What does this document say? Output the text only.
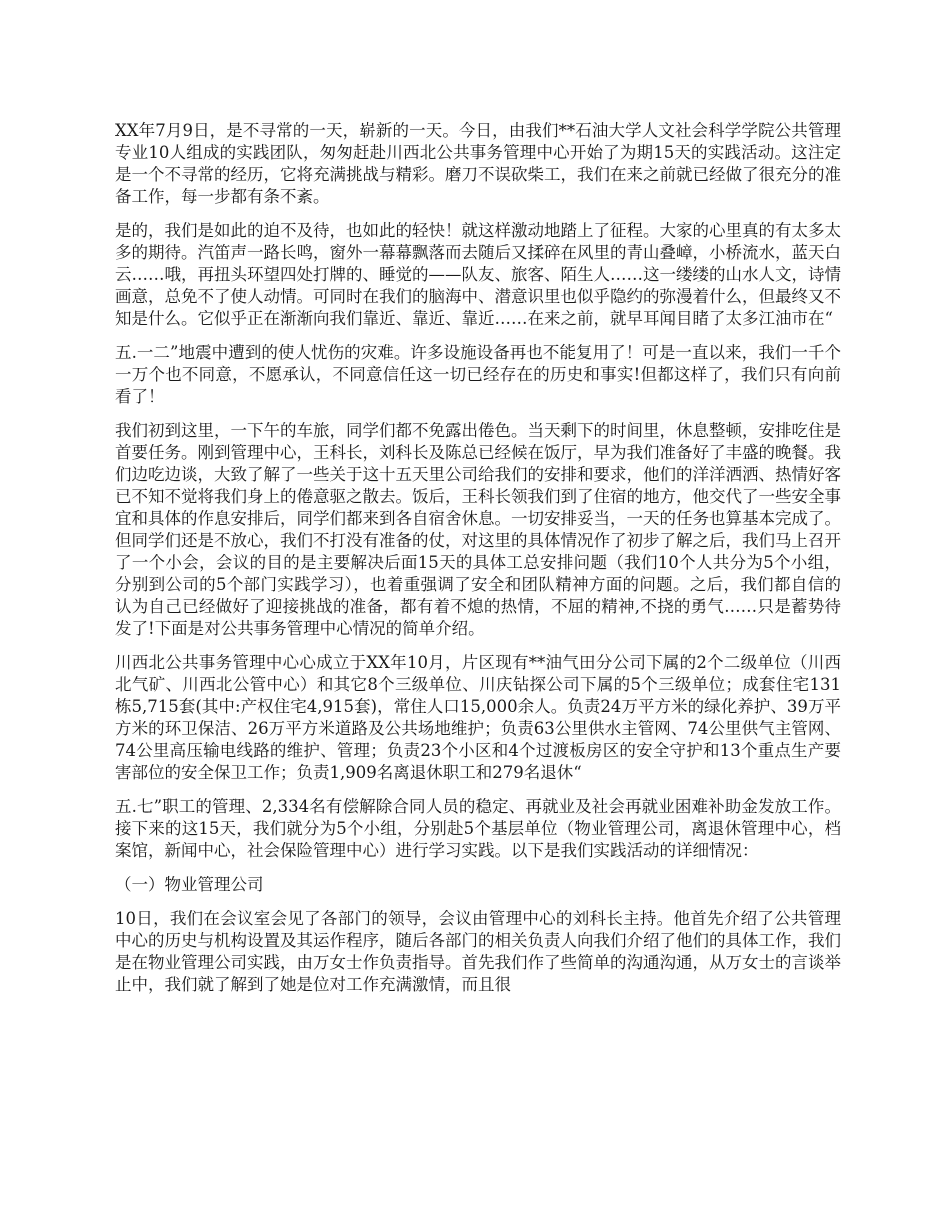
XX年7月9日，是不寻常的一天，崭新的一天。今日，由我们**石油大学人文社会科学学院公共管理专业10人组成的实践团队，匆匆赶赴川西北公共事务管理中心开始了为期15天的实践活动。这注定是一个不寻常的经历，它将充满挑战与精彩。磨刀不误砍柴工，我们在来之前就已经做了很充分的准备工作，每一步都有条不紊。

是的，我们是如此的迫不及待，也如此的轻快！就这样激动地踏上了征程。大家的心里真的有太多太多的期待。汽笛声一路长鸣，窗外一幕幕飘落而去随后又揉碎在风里的青山叠嶂，小桥流水，蓝天白云……哦，再扭头环望四处打牌的、睡觉的——队友、旅客、陌生人……这一缕缕的山水人文，诗情画意，总免不了使人动情。可同时在我们的脑海中、潜意识里也似乎隐约的弥漫着什么，但最终又不知是什么。它似乎正在渐渐向我们靠近、靠近、靠近……在来之前，就早耳闻目睹了太多江油市在“

五.一二”地震中遭到的使人忧伤的灾难。许多设施设备再也不能复用了！可是一直以来，我们一千个一万个也不同意，不愿承认，不同意信任这一切已经存在的历史和事实!但都这样了，我们只有向前看了！

我们初到这里，一下午的车旅，同学们都不免露出倦色。当天剩下的时间里，休息整顿，安排吃住是首要任务。刚到管理中心，王科长，刘科长及陈总已经候在饭厅，早为我们准备好了丰盛的晚餐。我们边吃边谈，大致了解了一些关于这十五天里公司给我们的安排和要求，他们的洋洋洒洒、热情好客已不知不觉将我们身上的倦意驱之散去。饭后，王科长领我们到了住宿的地方，他交代了一些安全事宜和具体的作息安排后，同学们都来到各自宿舍休息。一切安排妥当，一天的任务也算基本完成了。但同学们还是不放心，我们不打没有准备的仗，对这里的具体情况作了初步了解之后，我们马上召开了一个小会，会议的目的是主要解决后面15天的具体工总安排问题（我们10个人共分为5个小组，分别到公司的5个部门实践学习），也着重强调了安全和团队精神方面的问题。之后，我们都自信的认为自己已经做好了迎接挑战的准备，都有着不熄的热情，不屈的精神,不挠的勇气……只是蓄势待发了!下面是对公共事务管理中心情况的简单介绍。

川西北公共事务管理中心心成立于XX年10月，片区现有**油气田分公司下属的2个二级单位（川西北气矿、川西北公管中心）和其它8个三级单位、川庆钻探公司下属的5个三级单位；成套住宅131栋5,715套(其中:产权住宅4,915套)，常住人口15,000余人。负责24万平方米的绿化养护、39万平方米的环卫保洁、26万平方米道路及公共场地维护；负责63公里供水主管网、74公里供气主管网、74公里高压输电线路的维护、管理；负责23个小区和4个过渡板房区的安全守护和13个重点生产要害部位的安全保卫工作；负责1,909名离退休职工和279名退休“

五.七”职工的管理、2,334名有偿解除合同人员的稳定、再就业及社会再就业困难补助金发放工作。接下来的这15天，我们就分为5个小组，分别赴5个基层单位（物业管理公司，离退休管理中心，档案馆，新闻中心，社会保险管理中心）进行学习实践。以下是我们实践活动的详细情况：

（一）物业管理公司

10日，我们在会议室会见了各部门的领导，会议由管理中心的刘科长主持。他首先介绍了公共管理中心的历史与机构设置及其运作程序，随后各部门的相关负责人向我们介绍了他们的具体工作，我们是在物业管理公司实践，由万女士作负责指导。首先我们作了些简单的沟通沟通，从万女士的言谈举止中，我们就了解到了她是位对工作充满激情，而且很
